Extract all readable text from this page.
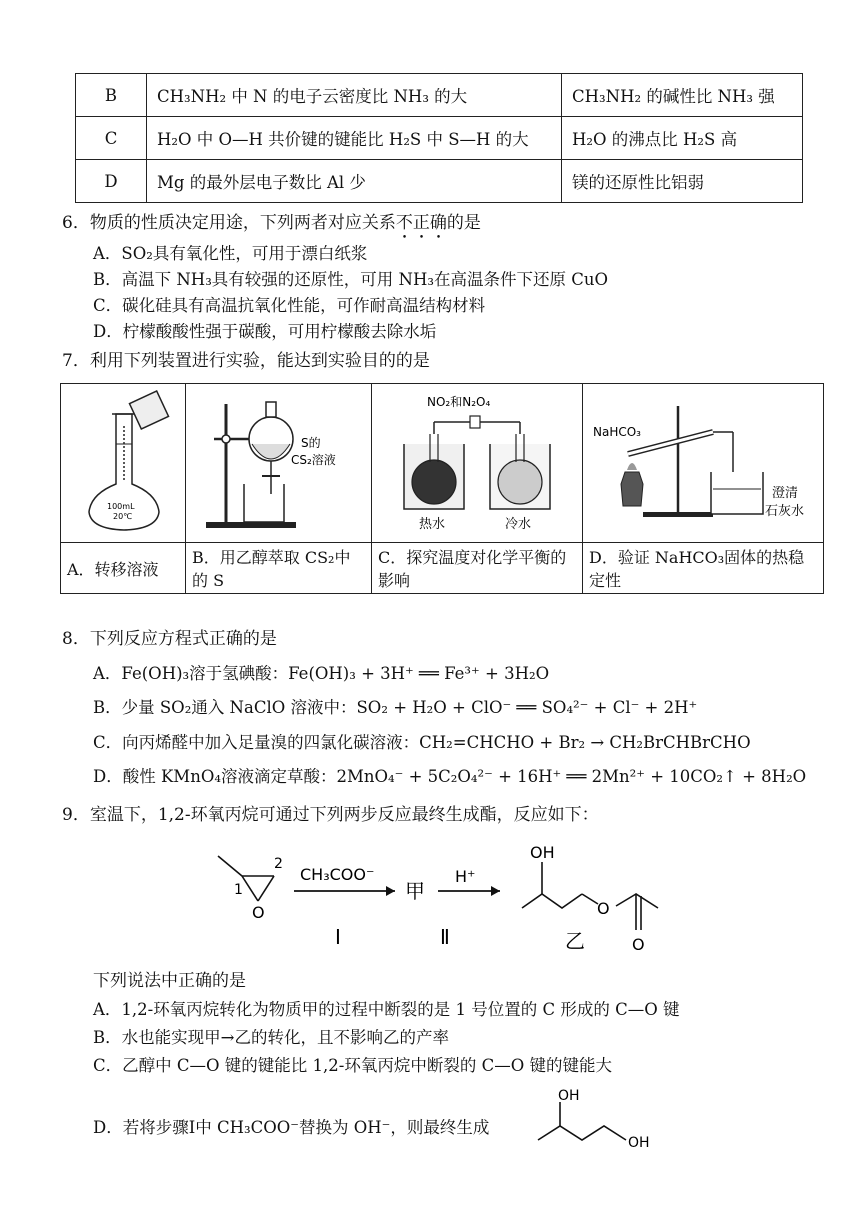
B	CH₃NH₂ 中 N 的电子云密度比 NH₃ 的大	CH₃NH₂ 的碱性比 NH₃ 强
C	H₂O 中 O—H 共价键的键能比 H₂S 中 S—H 的大	H₂O 的沸点比 H₂S 高
D	Mg 的最外层电子数比 Al 少	镁的还原性比铝弱
6．物质的性质决定用途，下列两者对应关系不正确的是
A．SO₂具有氧化性，可用于漂白纸浆
B．高温下 NH₃具有较强的还原性，可用 NH₃在高温条件下还原 CuO
C．碳化硅具有高温抗氧化性能，可作耐高温结构材料
D．柠檬酸酸性强于碳酸，可用柠檬酸去除水垢
7．利用下列装置进行实验，能达到实验目的的是
100mL
20℃	S的
CS₂溶液	NO₂和N₂O₄
热水 冷水	NaHCO₃
澄清
石灰水

A．转移溶液	B．用乙醇萃取 CS₂中的 S	C．探究温度对化学平衡的影响	D．验证 NaHCO₃固体的热稳定性
8．下列反应方程式正确的是
A．Fe(OH)₃溶于氢碘酸：Fe(OH)₃ + 3H⁺ ══ Fe³⁺ + 3H₂O
B．少量 SO₂通入 NaClO 溶液中：SO₂ + H₂O + ClO⁻ ══ SO₄²⁻ + Cl⁻ + 2H⁺
C．向丙烯醛中加入足量溴的四氯化碳溶液：CH₂=CHCHO + Br₂ → CH₂BrCHBrCHO
D．酸性 KMnO₄溶液滴定草酸：2MnO₄⁻ + 5C₂O₄²⁻ + 16H⁺ ══ 2Mn²⁺ + 10CO₂↑ + 8H₂O
9．室温下，1,2-环氧丙烷可通过下列两步反应最终生成酯，反应如下：
1
2
O
CH₃COO⁻
Ⅰ
甲
H⁺
Ⅱ
OH
O
O
乙
下列说法中正确的是
A．1,2-环氧丙烷转化为物质甲的过程中断裂的是 1 号位置的 C 形成的 C—O 键
B．水也能实现甲→乙的转化，且不影响乙的产率
C．乙醇中 C—O 键的键能比 1,2-环氧丙烷中断裂的 C—O 键的键能大
D．若将步骤Ⅰ中 CH₃COO⁻替换为 OH⁻，则最终生成
OH
OH
